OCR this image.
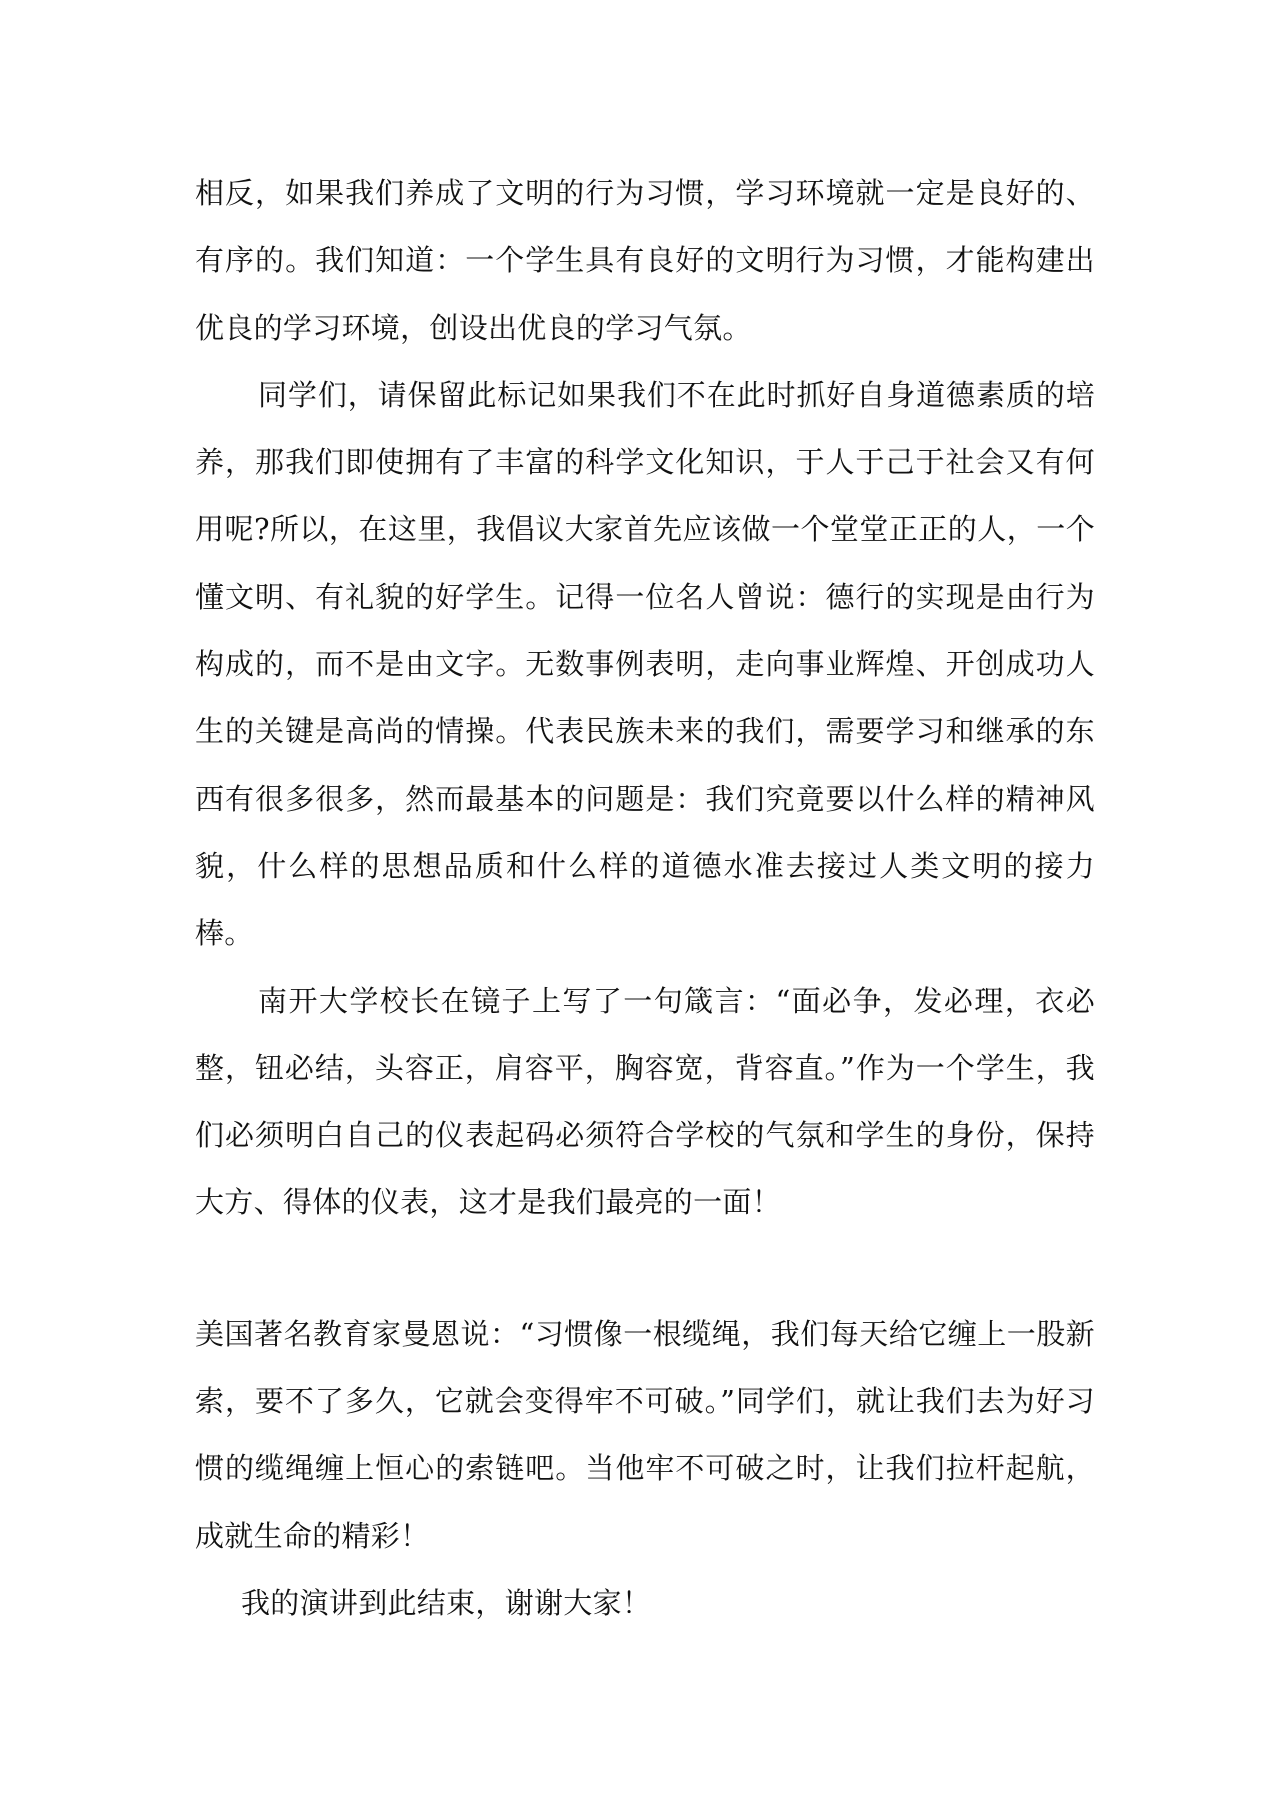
相反，如果我们养成了文明的行为习惯，学习环境就一定是良好的、有序的。我们知道：一个学生具有良好的文明行为习惯，才能构建出优良的学习环境，创设出优良的学习气氛。

同学们，请保留此标记如果我们不在此时抓好自身道德素质的培养，那我们即使拥有了丰富的科学文化知识，于人于己于社会又有何用呢?所以，在这里，我倡议大家首先应该做一个堂堂正正的人，一个懂文明、有礼貌的好学生。记得一位名人曾说：德行的实现是由行为构成的，而不是由文字。无数事例表明，走向事业辉煌、开创成功人生的关键是高尚的情操。代表民族未来的我们，需要学习和继承的东西有很多很多，然而最基本的问题是：我们究竟要以什么样的精神风貌，什么样的思想品质和什么样的道德水准去接过人类文明的接力棒。

南开大学校长在镜子上写了一句箴言：“面必争，发必理，衣必整，钮必结，头容正，肩容平，胸容宽，背容直。”作为一个学生，我们必须明白自己的仪表起码必须符合学校的气氛和学生的身份，保持大方、得体的仪表，这才是我们最亮的一面！

美国著名教育家曼恩说：“习惯像一根缆绳，我们每天给它缠上一股新索，要不了多久，它就会变得牢不可破。”同学们，就让我们去为好习惯的缆绳缠上恒心的索链吧。当他牢不可破之时，让我们拉杆起航，成就生命的精彩！

我的演讲到此结束，谢谢大家！
